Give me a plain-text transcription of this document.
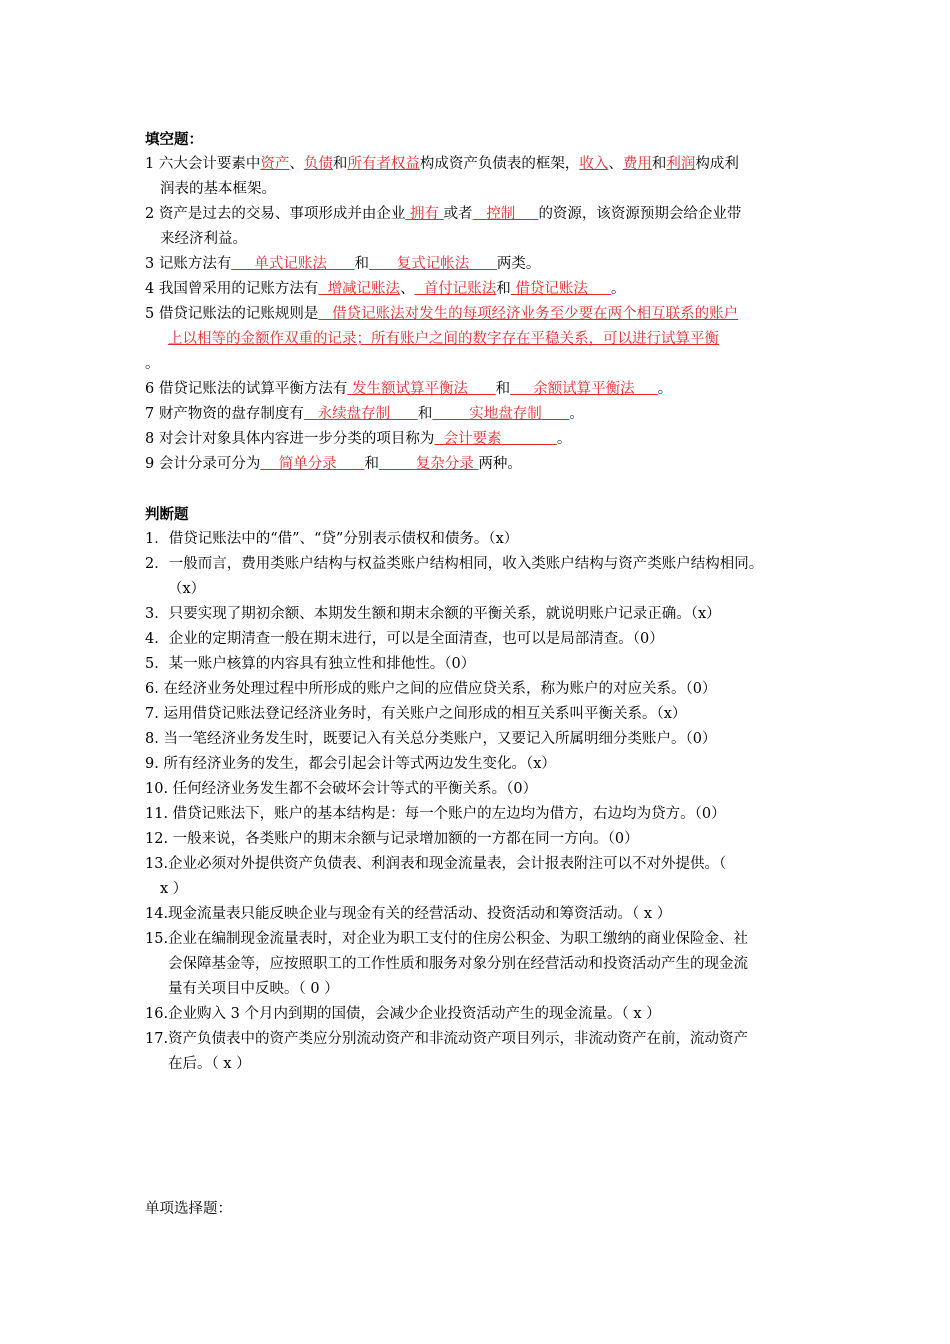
填空题：
1 六大会计要素中资产、负债和所有者权益构成资产负债表的框架，收入、费用和利润构成利
润表的基本框架。
2 资产是过去的交易、事项形成并由企业 拥有 或者 控制 的资源，该资源预期会给企业带
来经济利益。
3 记账方法有 单式记账法 和 复式记帐法 两类。
4 我国曾采用的记账方法有 增减记账法、 首付记账法和 借贷记账法 。
5 借贷记账法的记账规则是 借贷记账法对发生的每项经济业务至少要在两个相互联系的账户
上以相等的金额作双重的记录；所有账户之间的数字存在平稳关系，可以进行试算平衡
。
6 借贷记账法的试算平衡方法有 发生额试算平衡法 和 余额试算平衡法 。
7 财产物资的盘存制度有 永续盘存制 和	实地盘存制 。
8 对会计对象具体内容进一步分类的项目称为 会计要素	。
9 会计分录可分为 简单分录 和	复杂分录 两种。
判断题
1．借贷记账法中的“借”、“贷”分别表示债权和债务。（x）
2．一般而言，费用类账户结构与权益类账户结构相同，收入类账户结构与资产类账户结构相同。
（x）
3．只要实现了期初余额、本期发生额和期末余额的平衡关系，就说明账户记录正确。（x）
4．企业的定期清查一般在期末进行，可以是全面清查，也可以是局部清查。（0）
5．某一账户核算的内容具有独立性和排他性。（0）
6. 在经济业务处理过程中所形成的账户之间的应借应贷关系，称为账户的对应关系。（0）
7. 运用借贷记账法登记经济业务时，有关账户之间形成的相互关系叫平衡关系。（x）
8. 当一笔经济业务发生时，既要记入有关总分类账户，又要记入所属明细分类账户。（0）
9. 所有经济业务的发生，都会引起会计等式两边发生变化。（x）
10. 任何经济业务发生都不会破坏会计等式的平衡关系。（0）
11. 借贷记账法下，账户的基本结构是：每一个账户的左边均为借方，右边均为贷方。（0）
12. 一般来说，各类账户的期末余额与记录增加额的一方都在同一方向。（0）
13.企业必须对外提供资产负债表、利润表和现金流量表，会计报表附注可以不对外提供。（
x ）
14.现金流量表只能反映企业与现金有关的经营活动、投资活动和筹资活动。（ x ）
15.企业在编制现金流量表时，对企业为职工支付的住房公积金、为职工缴纳的商业保险金、社
会保障基金等，应按照职工的工作性质和服务对象分别在经营活动和投资活动产生的现金流
量有关项目中反映。（ 0 ）
16.企业购入 3 个月内到期的国债，会减少企业投资活动产生的现金流量。（ x ）
17.资产负债表中的资产类应分别流动资产和非流动资产项目列示，非流动资产在前，流动资产
在后。（ x ）
单项选择题：
